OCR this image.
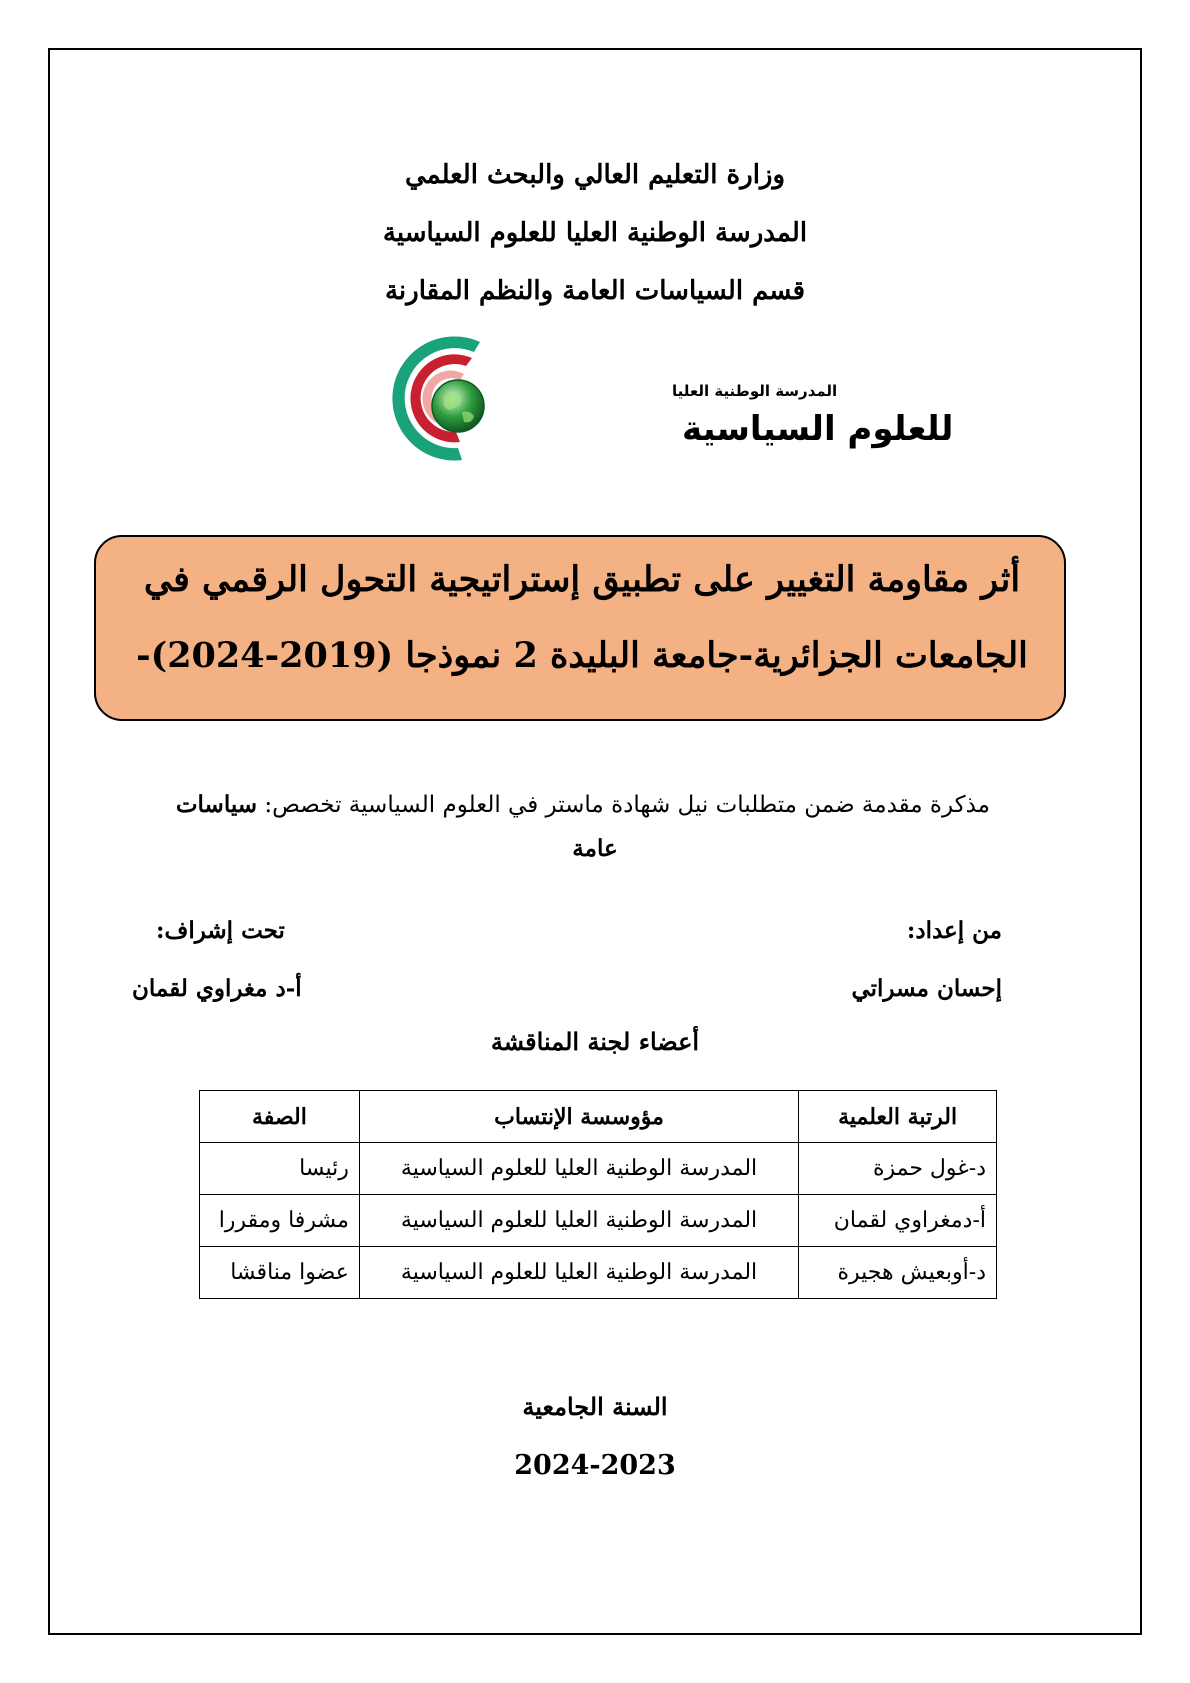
وزارة التعليم العالي والبحث العلمي
المدرسة الوطنية العليا للعلوم السياسية
قسم السياسات العامة والنظم المقارنة
المدرسة الوطنية العليا
للعلوم السياسية
أثر مقاومة التغيير على تطبيق إستراتيجية التحول الرقمي في
الجامعات الجزائرية-جامعة البليدة 2 نموذجا (2019-2024)-
مذكرة مقدمة ضمن متطلبات نيل شهادة ماستر في العلوم السياسية تخصص: سياسات
عامة
من إعداد:
إحسان مسراتي
تحت إشراف:
أ-د مغراوي لقمان
أعضاء لجنة المناقشة
الرتبة العلمية	مؤوسسة الإنتساب	الصفة
د-غول حمزة	المدرسة الوطنية العليا للعلوم السياسية	رئيسا
أ-دمغراوي لقمان	المدرسة الوطنية العليا للعلوم السياسية	مشرفا ومقررا
د-أوبعيش هجيرة	المدرسة الوطنية العليا للعلوم السياسية	عضوا مناقشا
السنة الجامعية
2024-2023
